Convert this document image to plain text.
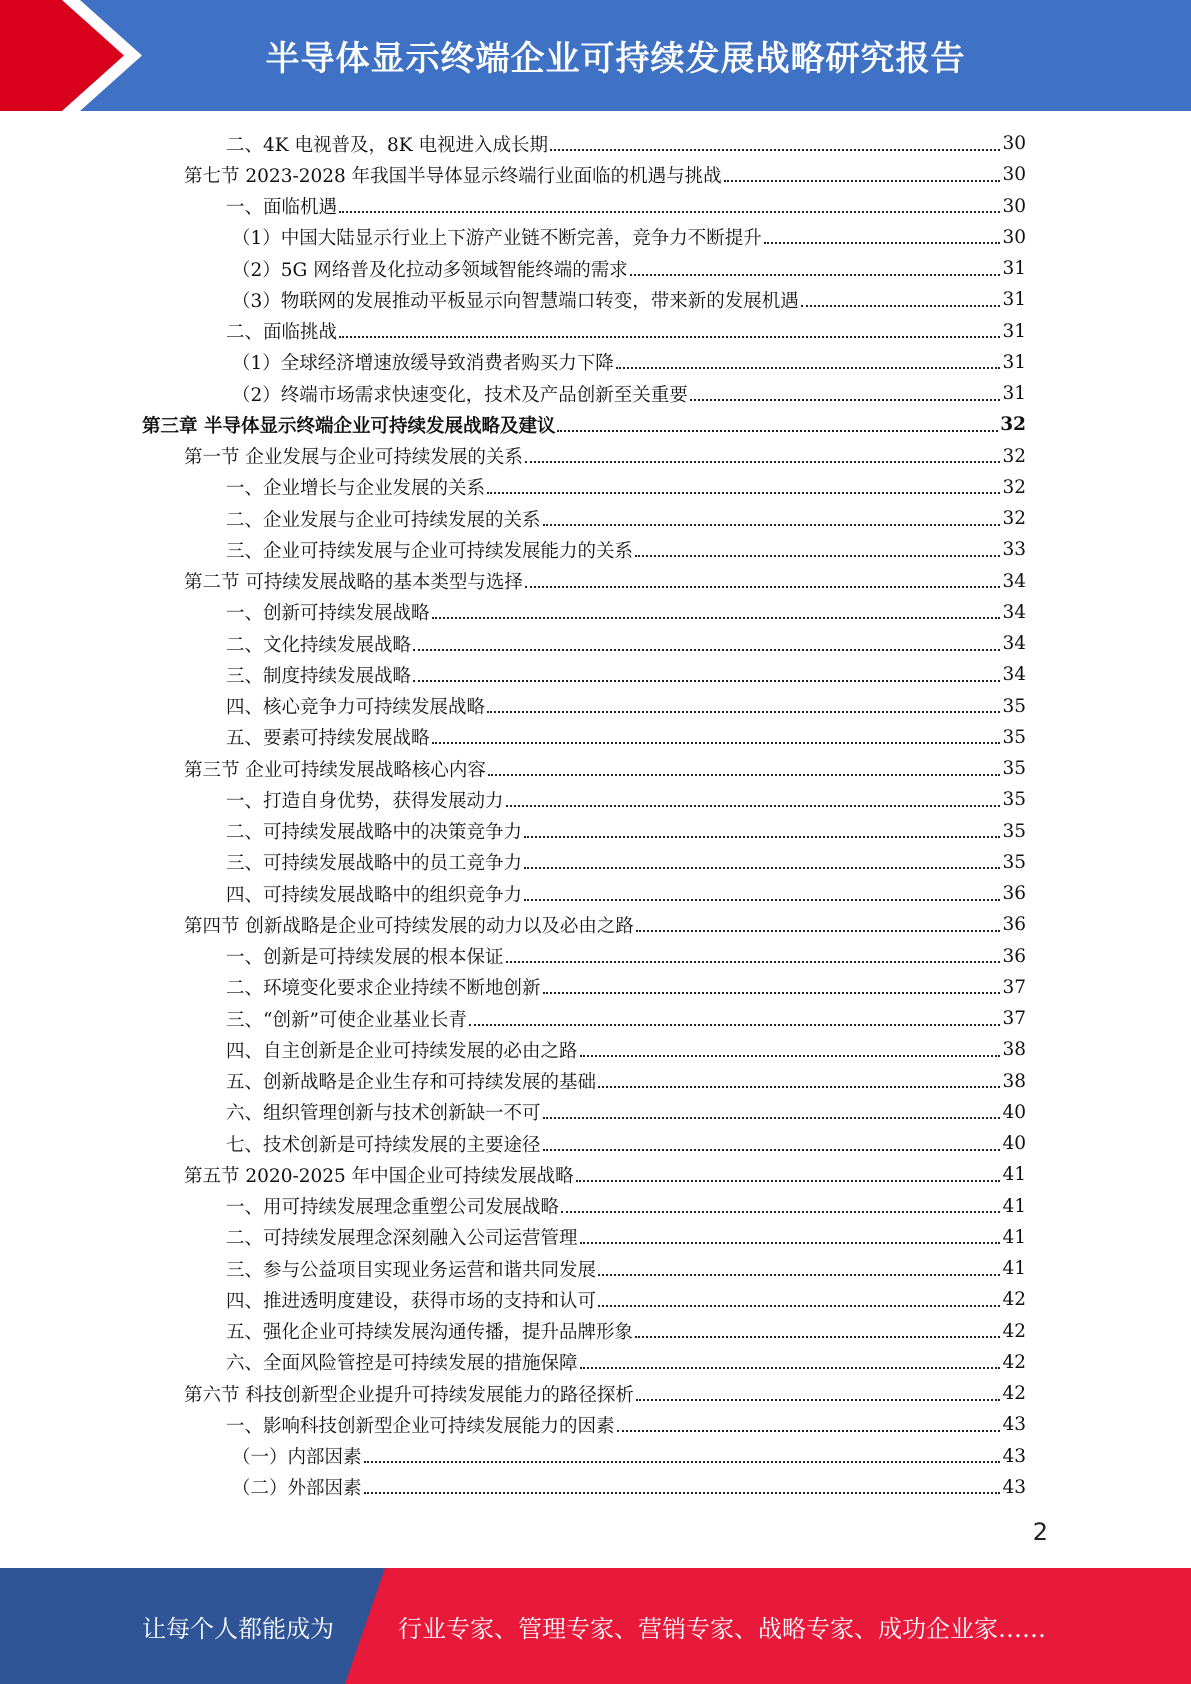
半导体显示终端企业可持续发展战略研究报告
二、4K 电视普及，8K 电视进入成长期	30
第七节 2023-2028 年我国半导体显示终端行业面临的机遇与挑战	30
一、面临机遇	30
（1）中国大陆显示行业上下游产业链不断完善，竞争力不断提升	30
（2）5G 网络普及化拉动多领域智能终端的需求	31
（3）物联网的发展推动平板显示向智慧端口转变，带来新的发展机遇	31
二、面临挑战	31
（1）全球经济增速放缓导致消费者购买力下降	31
（2）终端市场需求快速变化，技术及产品创新至关重要	31
第三章 半导体显示终端企业可持续发展战略及建议	32
第一节 企业发展与企业可持续发展的关系	32
一、企业增长与企业发展的关系	32
二、企业发展与企业可持续发展的关系	32
三、企业可持续发展与企业可持续发展能力的关系	33
第二节 可持续发展战略的基本类型与选择	34
一、创新可持续发展战略	34
二、文化持续发展战略	34
三、制度持续发展战略	34
四、核心竞争力可持续发展战略	35
五、要素可持续发展战略	35
第三节 企业可持续发展战略核心内容	35
一、打造自身优势，获得发展动力	35
二、可持续发展战略中的决策竞争力	35
三、可持续发展战略中的员工竞争力	35
四、可持续发展战略中的组织竞争力	36
第四节 创新战略是企业可持续发展的动力以及必由之路	36
一、创新是可持续发展的根本保证	36
二、环境变化要求企业持续不断地创新	37
三、“创新”可使企业基业长青	37
四、自主创新是企业可持续发展的必由之路	38
五、创新战略是企业生存和可持续发展的基础	38
六、组织管理创新与技术创新缺一不可	40
七、技术创新是可持续发展的主要途径	40
第五节 2020-2025 年中国企业可持续发展战略	41
一、用可持续发展理念重塑公司发展战略	41
二、可持续发展理念深刻融入公司运营管理	41
三、参与公益项目实现业务运营和谐共同发展	41
四、推进透明度建设，获得市场的支持和认可	42
五、强化企业可持续发展沟通传播，提升品牌形象	42
六、全面风险管控是可持续发展的措施保障	42
第六节 科技创新型企业提升可持续发展能力的路径探析	42
一、影响科技创新型企业可持续发展能力的因素	43
（一）内部因素	43
（二）外部因素	43
2
让每个人都能成为	行业专家、管理专家、营销专家、战略专家、成功企业家……
